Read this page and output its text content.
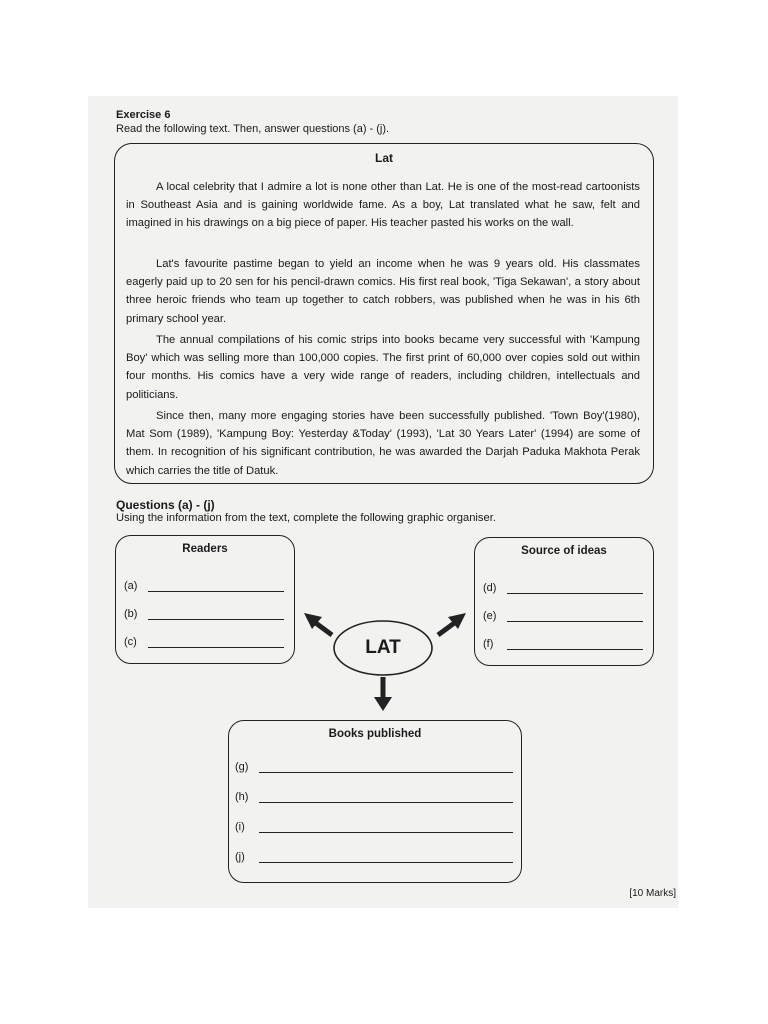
Exercise 6
Read the following text. Then, answer questions (a) - (j).
Lat

A local celebrity that I admire a lot is none other than Lat. He is one of the most-read cartoonists in Southeast Asia and is gaining worldwide fame. As a boy, Lat translated what he saw, felt and imagined in his drawings on a big piece of paper. His teacher pasted his works on the wall.

Lat's favourite pastime began to yield an income when he was 9 years old. His classmates eagerly paid up to 20 sen for his pencil-drawn comics. His first real book, 'Tiga Sekawan', a story about three heroic friends who team up together to catch robbers, was published when he was in his 6th primary school year.

The annual compilations of his comic strips into books became very successful with 'Kampung Boy' which was selling more than 100,000 copies. The first print of 60,000 over copies sold out within four months. His comics have a very wide range of readers, including children, intellectuals and politicians.

Since then, many more engaging stories have been successfully published. 'Town Boy'(1980), Mat Som (1989), 'Kampung Boy: Yesterday &Today' (1993), 'Lat 30 Years Later' (1994) are some of them. In recognition of his significant contribution, he was awarded the Darjah Paduka Makhota Perak which carries the title of Datuk.

Questions (a) - (j)
Using the information from the text, complete the following graphic organiser.
Readers
(a)
(b)
(c)
Source of ideas
(d)
(e)
(f)
LAT
Books published
(g)
(h)
(i)
(j)
[10 Marks]
